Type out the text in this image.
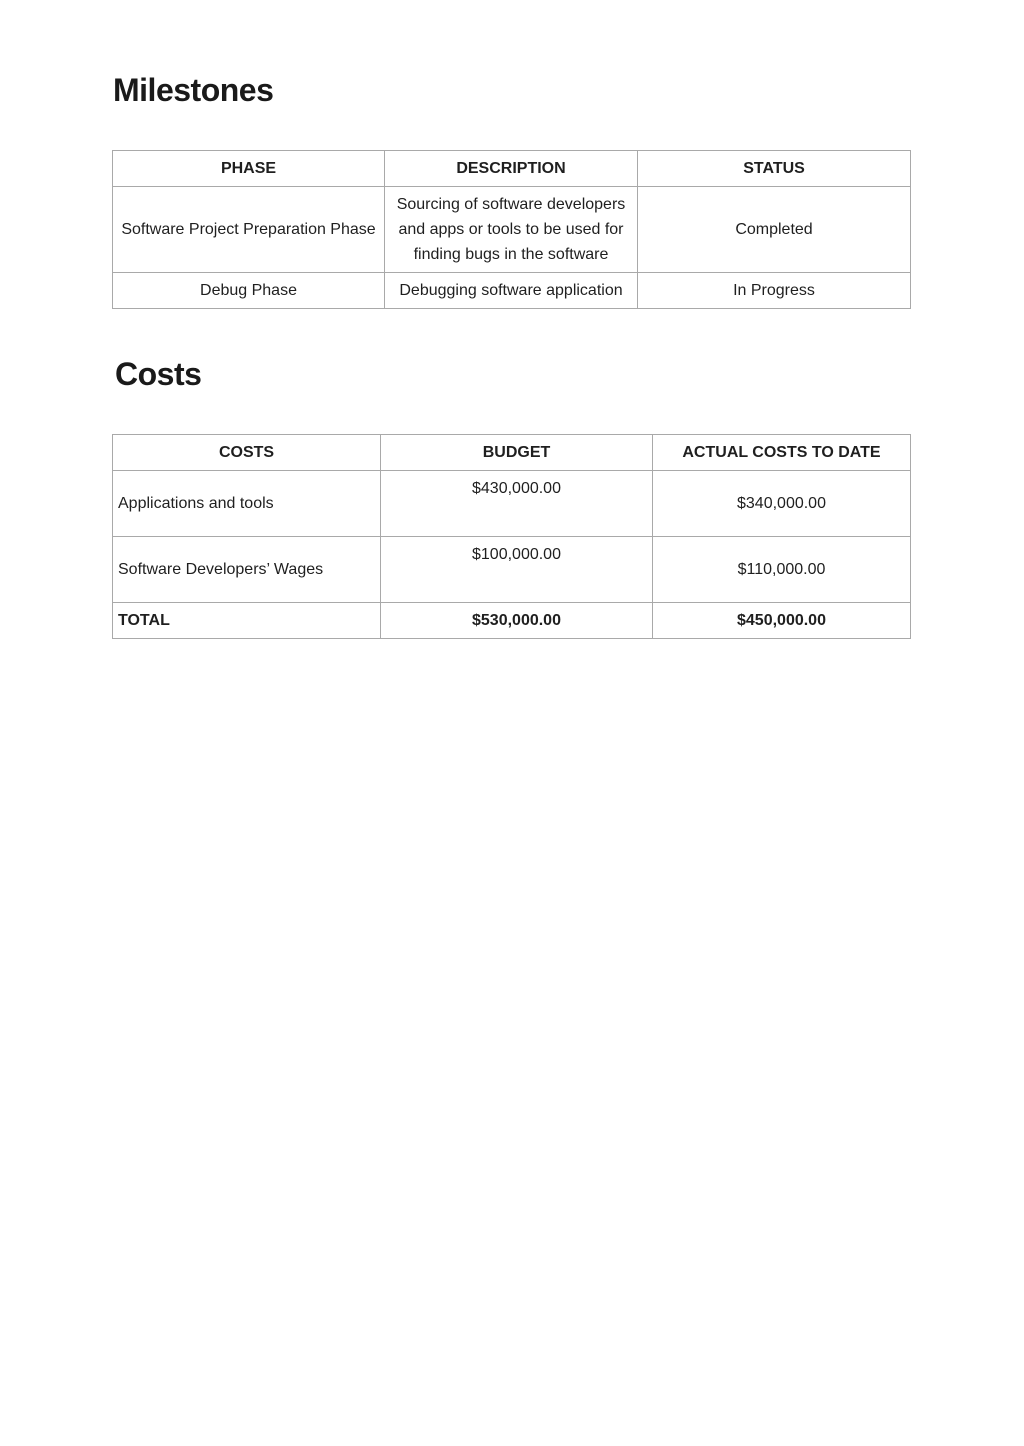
Milestones
PHASE	DESCRIPTION	STATUS
Software Project Preparation Phase	Sourcing of software developers and apps or tools to be used for finding bugs in the software	Completed
Debug Phase	Debugging software application	In Progress
Costs
COSTS	BUDGET	ACTUAL COSTS TO DATE
Applications and tools	$430,000.00	$340,000.00
Software Developers’ Wages	$100,000.00	$110,000.00
TOTAL	$530,000.00	$450,000.00
